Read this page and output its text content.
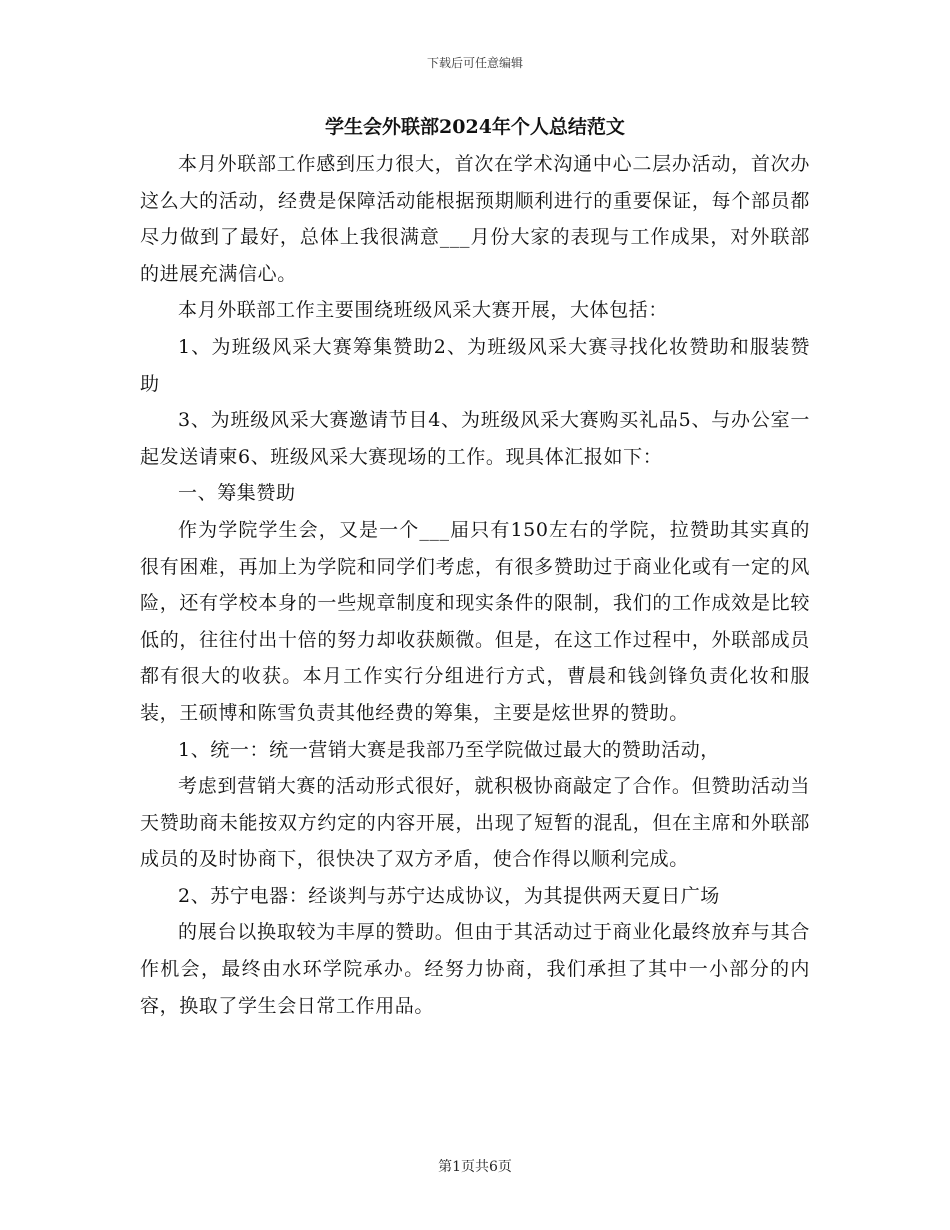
下载后可任意编辑
学生会外联部2024年个人总结范文

本月外联部工作感到压力很大，首次在学术沟通中心二层办活动，首次办这么大的活动，经费是保障活动能根据预期顺利进行的重要保证，每个部员都尽力做到了最好，总体上我很满意___月份大家的表现与工作成果，对外联部的进展充满信心。

本月外联部工作主要围绕班级风采大赛开展，大体包括：

1、为班级风采大赛筹集赞助2、为班级风采大赛寻找化妆赞助和服装赞助

3、为班级风采大赛邀请节目4、为班级风采大赛购买礼品5、与办公室一起发送请柬6、班级风采大赛现场的工作。现具体汇报如下：

一、筹集赞助

作为学院学生会，又是一个___届只有150左右的学院，拉赞助其实真的很有困难，再加上为学院和同学们考虑，有很多赞助过于商业化或有一定的风险，还有学校本身的一些规章制度和现实条件的限制，我们的工作成效是比较低的，往往付出十倍的努力却收获颇微。但是，在这工作过程中，外联部成员都有很大的收获。本月工作实行分组进行方式，曹晨和钱剑锋负责化妆和服装，王硕博和陈雪负责其他经费的筹集，主要是炫世界的赞助。

1、统一：统一营销大赛是我部乃至学院做过最大的赞助活动，

考虑到营销大赛的活动形式很好，就积极协商敲定了合作。但赞助活动当天赞助商未能按双方约定的内容开展，出现了短暂的混乱，但在主席和外联部成员的及时协商下，很快决了双方矛盾，使合作得以顺利完成。

2、苏宁电器：经谈判与苏宁达成协议，为其提供两天夏日广场

的展台以换取较为丰厚的赞助。但由于其活动过于商业化最终放弃与其合作机会，最终由水环学院承办。经努力协商，我们承担了其中一小部分的内容，换取了学生会日常工作用品。

第1页共6页
